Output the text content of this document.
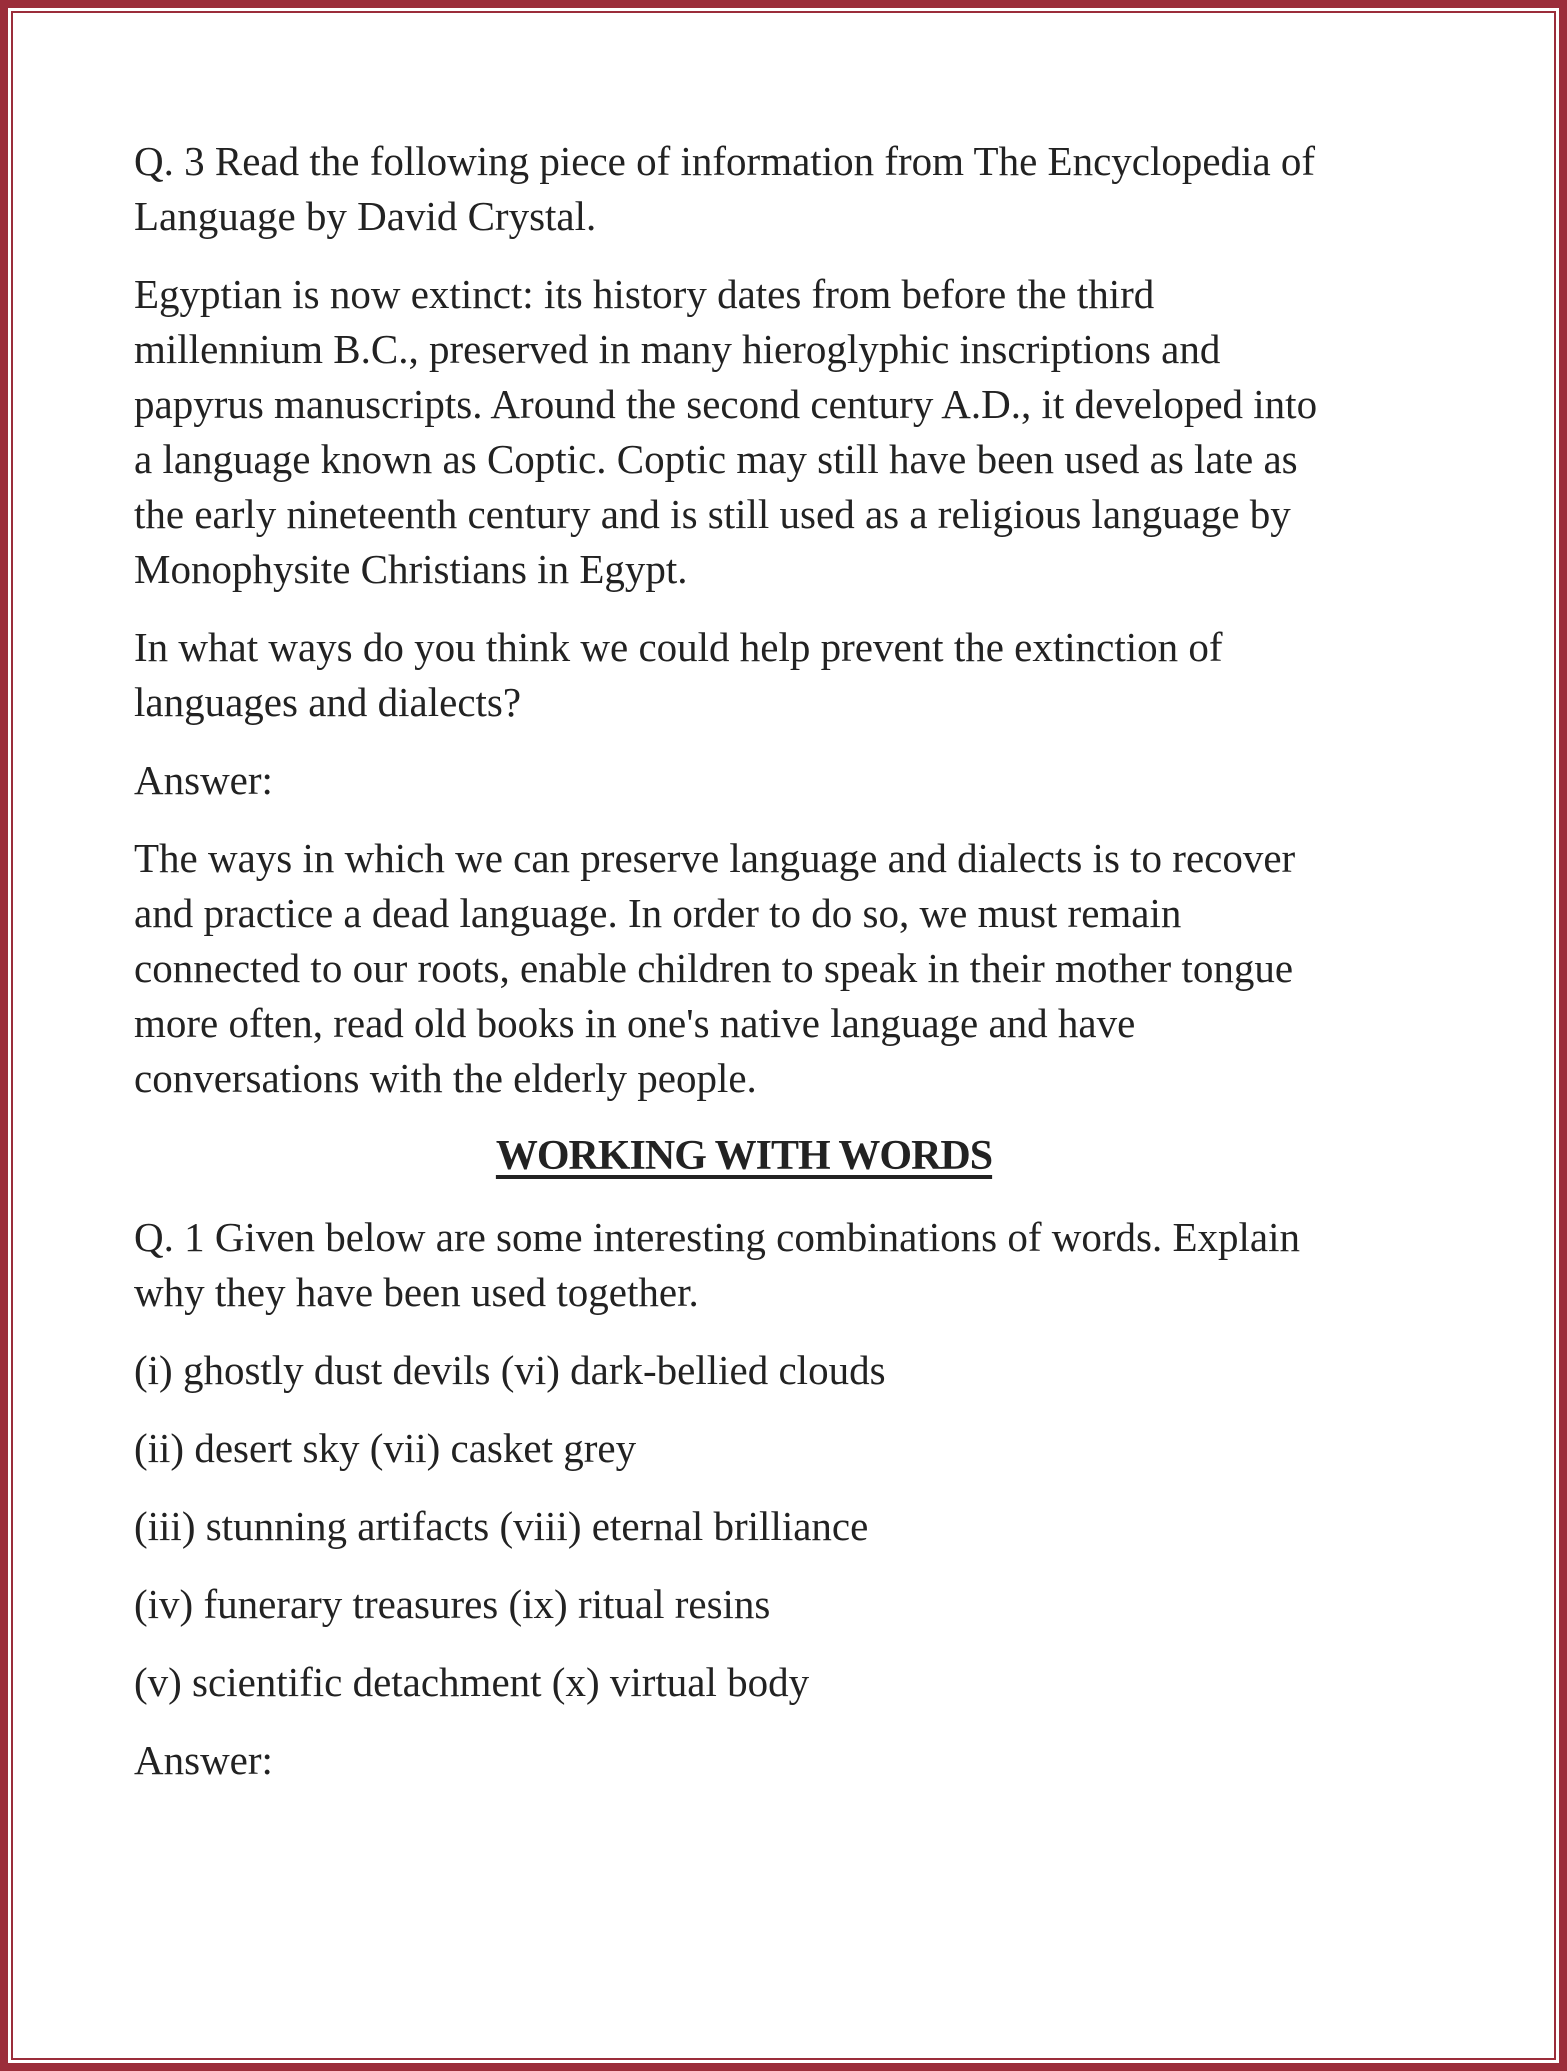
Q. 3 Read the following piece of information from The Encyclopedia of
Language by David Crystal.

Egyptian is now extinct: its history dates from before the third
millennium B.C., preserved in many hieroglyphic inscriptions and
papyrus manuscripts. Around the second century A.D., it developed into
a language known as Coptic. Coptic may still have been used as late as
the early nineteenth century and is still used as a religious language by
Monophysite Christians in Egypt.

In what ways do you think we could help prevent the extinction of
languages and dialects?

Answer:

The ways in which we can preserve language and dialects is to recover
and practice a dead language. In order to do so, we must remain
connected to our roots, enable children to speak in their mother tongue
more often, read old books in one's native language and have
conversations with the elderly people.

WORKING WITH WORDS

Q. 1 Given below are some interesting combinations of words. Explain
why they have been used together.

(i) ghostly dust devils (vi) dark-bellied clouds

(ii) desert sky (vii) casket grey

(iii) stunning artifacts (viii) eternal brilliance

(iv) funerary treasures (ix) ritual resins

(v) scientific detachment (x) virtual body

Answer:
